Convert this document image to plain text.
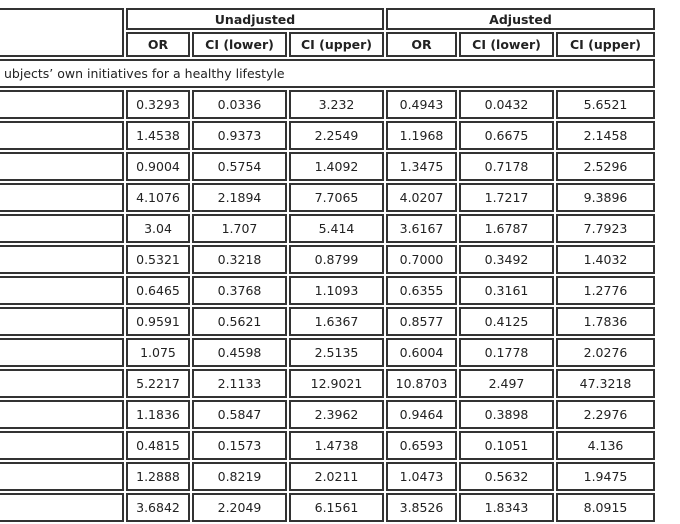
	Unadjusted			Adjusted		
	OR	CI (lower)	CI (upper)	OR	CI (lower)	CI (upper)
ubjects’ own initiatives for a healthy lifestyle						
	0.3293	0.0336	3.232	0.4943	0.0432	5.6521
	1.4538	0.9373	2.2549	1.1968	0.6675	2.1458
	0.9004	0.5754	1.4092	1.3475	0.7178	2.5296
	4.1076	2.1894	7.7065	4.0207	1.7217	9.3896
	3.04	1.707	5.414	3.6167	1.6787	7.7923
	0.5321	0.3218	0.8799	0.7000	0.3492	1.4032
	0.6465	0.3768	1.1093	0.6355	0.3161	1.2776
	0.9591	0.5621	1.6367	0.8577	0.4125	1.7836
	1.075	0.4598	2.5135	0.6004	0.1778	2.0276
	5.2217	2.1133	12.9021	10.8703	2.497	47.3218
	1.1836	0.5847	2.3962	0.9464	0.3898	2.2976
	0.4815	0.1573	1.4738	0.6593	0.1051	4.136
	1.2888	0.8219	2.0211	1.0473	0.5632	1.9475
	3.6842	2.2049	6.1561	3.8526	1.8343	8.0915
